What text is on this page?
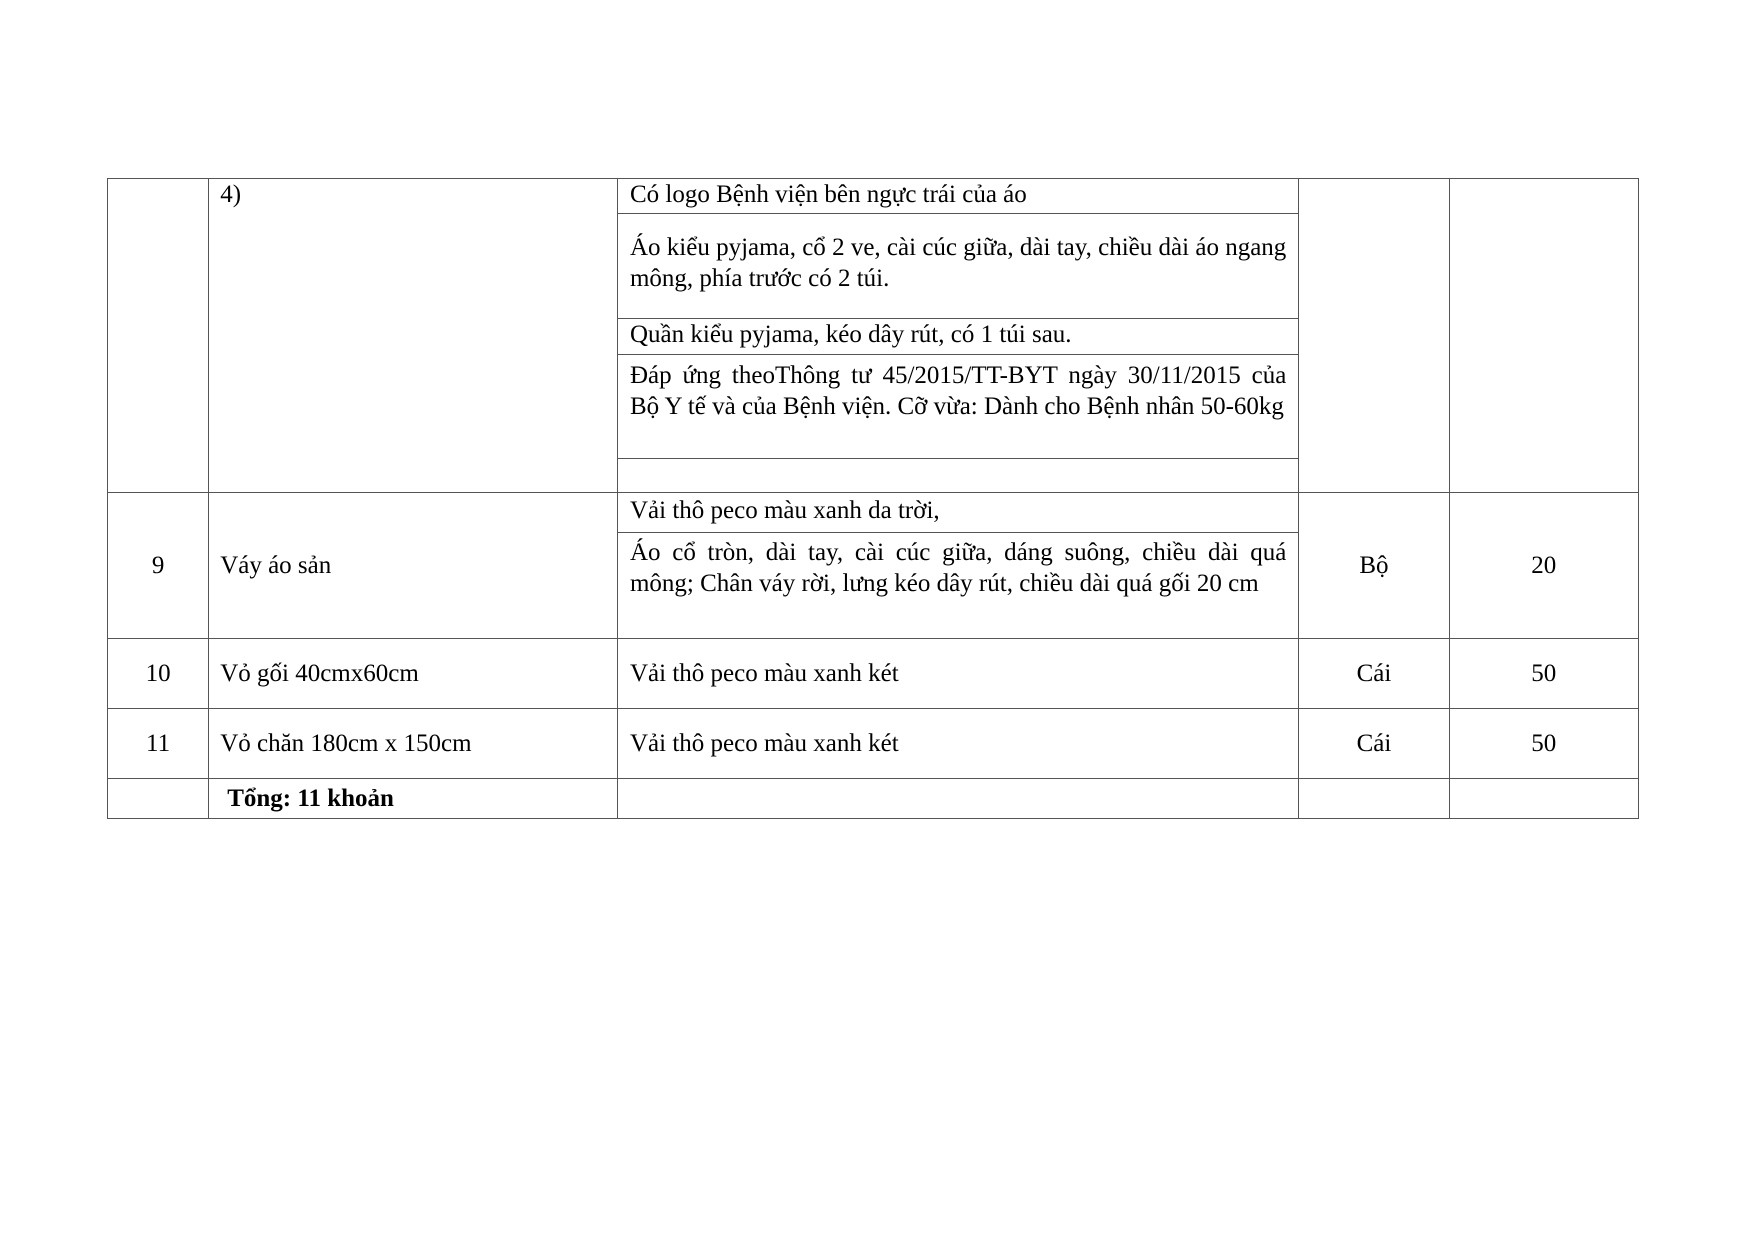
	4)	Có logo Bệnh viện bên ngực trái của áo
Áo kiểu pyjama, cổ 2 ve, cài cúc giữa, dài tay, chiều dài áo ngang mông, phía trước có 2 túi.
Quần kiểu pyjama, kéo dây rút, có 1 túi sau.
Đáp ứng theoThông tư 45/2015/TT-BYT ngày 30/11/2015 của Bộ Y tế và của Bệnh viện. Cỡ vừa: Dành cho Bệnh nhân 50-60kg		

9	Váy áo sản	Vải thô peco màu xanh da trời,
Áo cổ tròn, dài tay, cài cúc giữa, dáng suông, chiều dài quá mông; Chân váy rời, lưng kéo dây rút, chiều dài quá gối 20 cm	Bộ	20
10	Vỏ gối 40cmx60cm	Vải thô peco màu xanh két	Cái	50
11	Vỏ chăn 180cm x 150cm	Vải thô peco màu xanh két	Cái	50
	Tổng: 11 khoản			
